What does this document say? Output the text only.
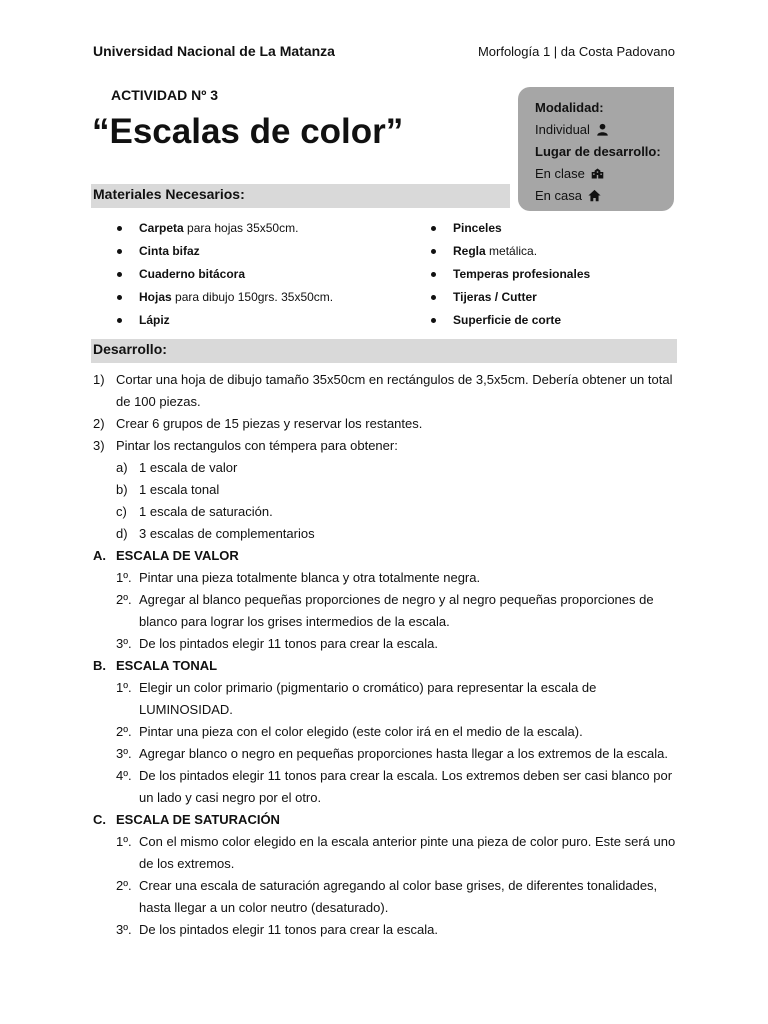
Universidad Nacional de La Matanza	Morfología 1 | da Costa Padovano
ACTIVIDAD Nº 3
“Escalas de color”
Modalidad:
Individual
Lugar de desarrollo:
En clase
En casa
Materiales Necesarios:
Carpeta para hojas 35x50cm.
Cinta bifaz
Cuaderno bitácora
Hojas para dibujo 150grs. 35x50cm.
Lápiz
Pinceles
Regla metálica.
Temperas profesionales
Tijeras / Cutter
Superficie de corte
Desarrollo:
1) Cortar una hoja de dibujo tamaño 35x50cm en rectángulos de 3,5x5cm. Debería obtener un total
de 100 piezas.
2) Crear 6 grupos de 15 piezas y reservar los restantes.
3) Pintar los rectangulos con témpera para obtener:
a) 1 escala de valor
b) 1 escala tonal
c) 1 escala de saturación.
d) 3 escalas de complementarios
A. ESCALA DE VALOR
1º. Pintar una pieza totalmente blanca y otra totalmente negra.
2º. Agregar al blanco pequeñas proporciones de negro y al negro pequeñas proporciones de
blanco para lograr los grises intermedios de la escala.
3º. De los pintados elegir 11 tonos para crear la escala.
B. ESCALA TONAL
1º. Elegir un color primario (pigmentario o cromático) para representar la escala de
LUMINOSIDAD.
2º. Pintar una pieza con el color elegido (este color irá en el medio de la escala).
3º. Agregar blanco o negro en pequeñas proporciones hasta llegar a los extremos de la escala.
4º. De los pintados elegir 11 tonos para crear la escala. Los extremos deben ser casi blanco por
un lado y casi negro por el otro.
C. ESCALA DE SATURACIÓN
1º. Con el mismo color elegido en la escala anterior pinte una pieza de color puro. Este será uno
de los extremos.
2º. Crear una escala de saturación agregando al color base grises, de diferentes tonalidades,
hasta llegar a un color neutro (desaturado).
3º. De los pintados elegir 11 tonos para crear la escala.
